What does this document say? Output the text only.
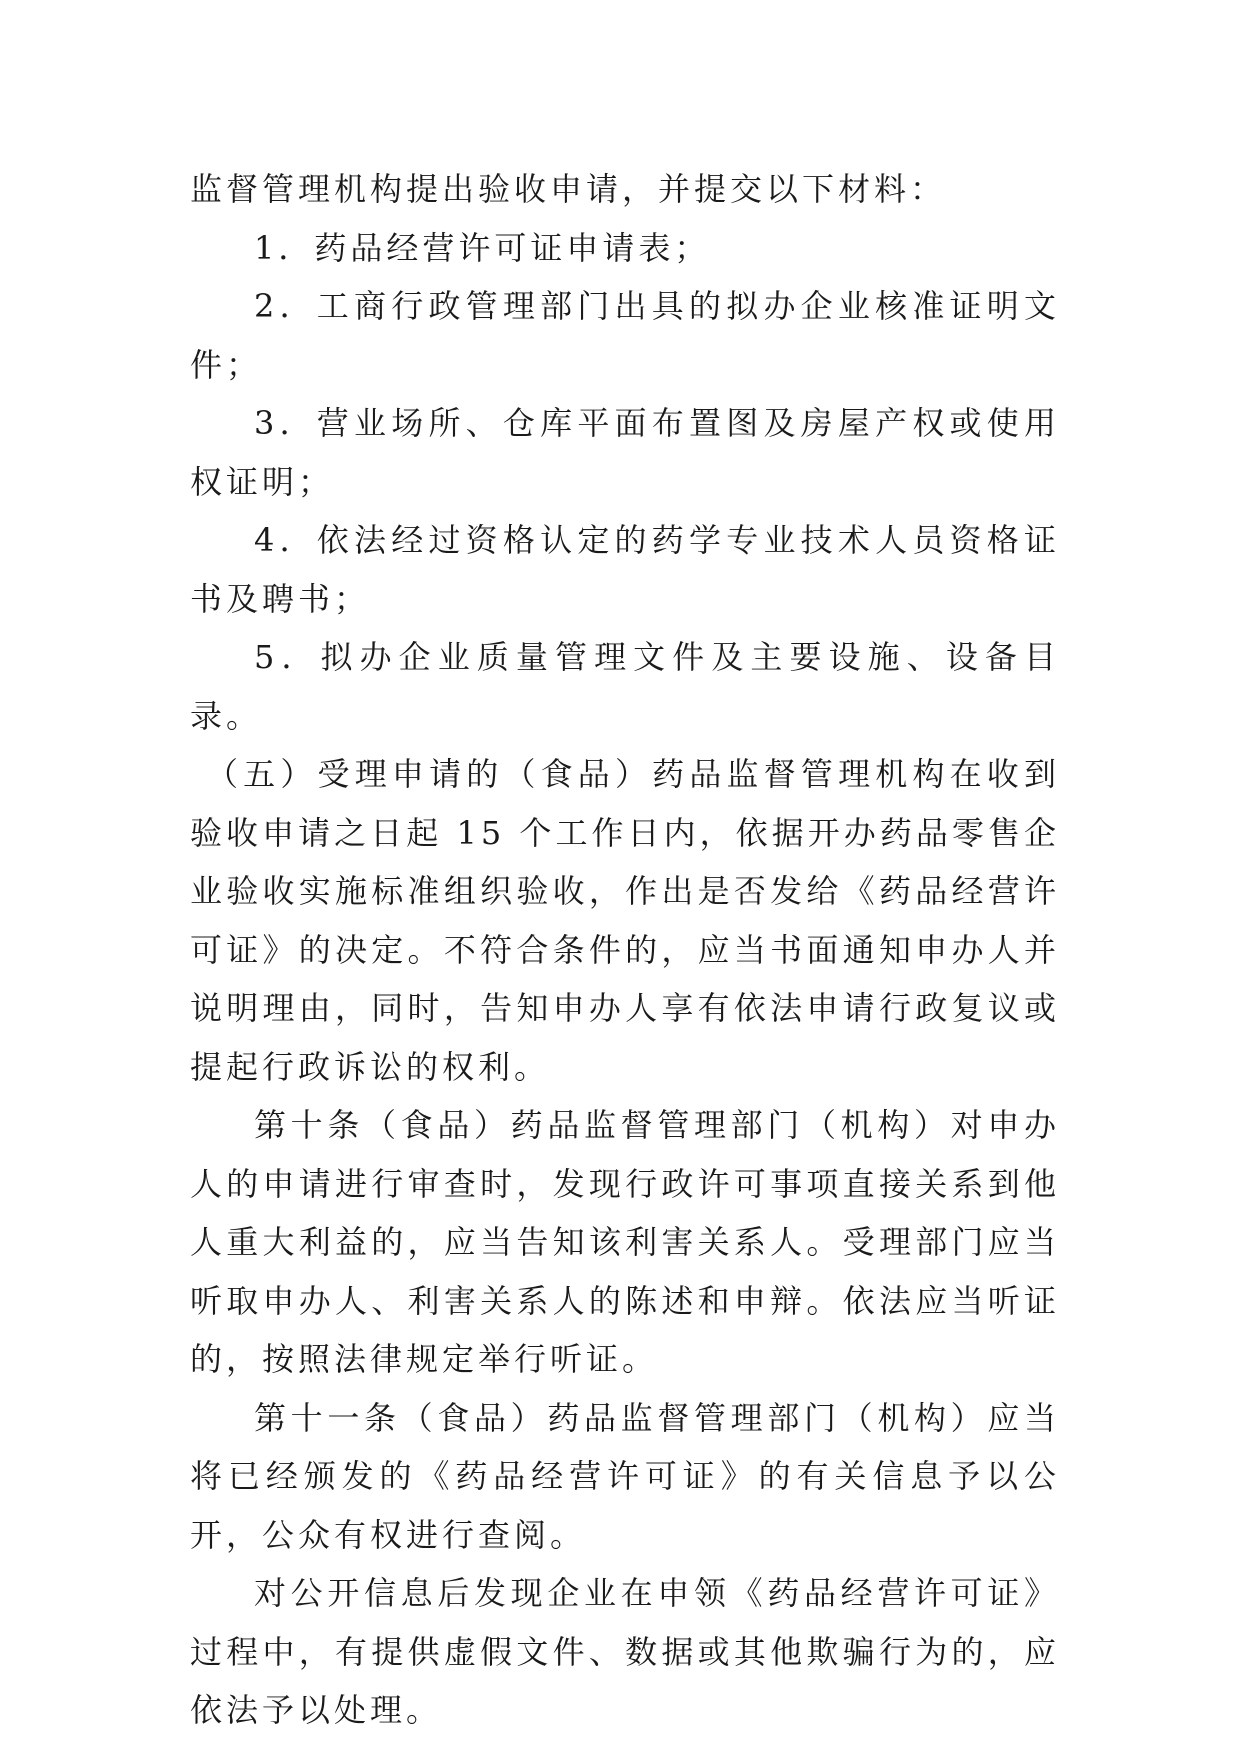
监督管理机构提出验收申请，并提交以下材料：

1．药品经营许可证申请表；

2．工商行政管理部门出具的拟办企业核准证明文件；

3．营业场所、仓库平面布置图及房屋产权或使用权证明；

4．依法经过资格认定的药学专业技术人员资格证书及聘书；

5．拟办企业质量管理文件及主要设施、设备目录。

（五）受理申请的（食品）药品监督管理机构在收到验收申请之日起 15 个工作日内，依据开办药品零售企业验收实施标准组织验收，作出是否发给《药品经营许可证》的决定。不符合条件的，应当书面通知申办人并说明理由，同时，告知申办人享有依法申请行政复议或提起行政诉讼的权利。

第十条（食品）药品监督管理部门（机构）对申办人的申请进行审查时，发现行政许可事项直接关系到他人重大利益的，应当告知该利害关系人。受理部门应当听取申办人、利害关系人的陈述和申辩。依法应当听证的，按照法律规定举行听证。

第十一条（食品）药品监督管理部门（机构）应当将已经颁发的《药品经营许可证》的有关信息予以公开，公众有权进行查阅。

对公开信息后发现企业在申领《药品经营许可证》过程中，有提供虚假文件、数据或其他欺骗行为的，应依法予以处理。
